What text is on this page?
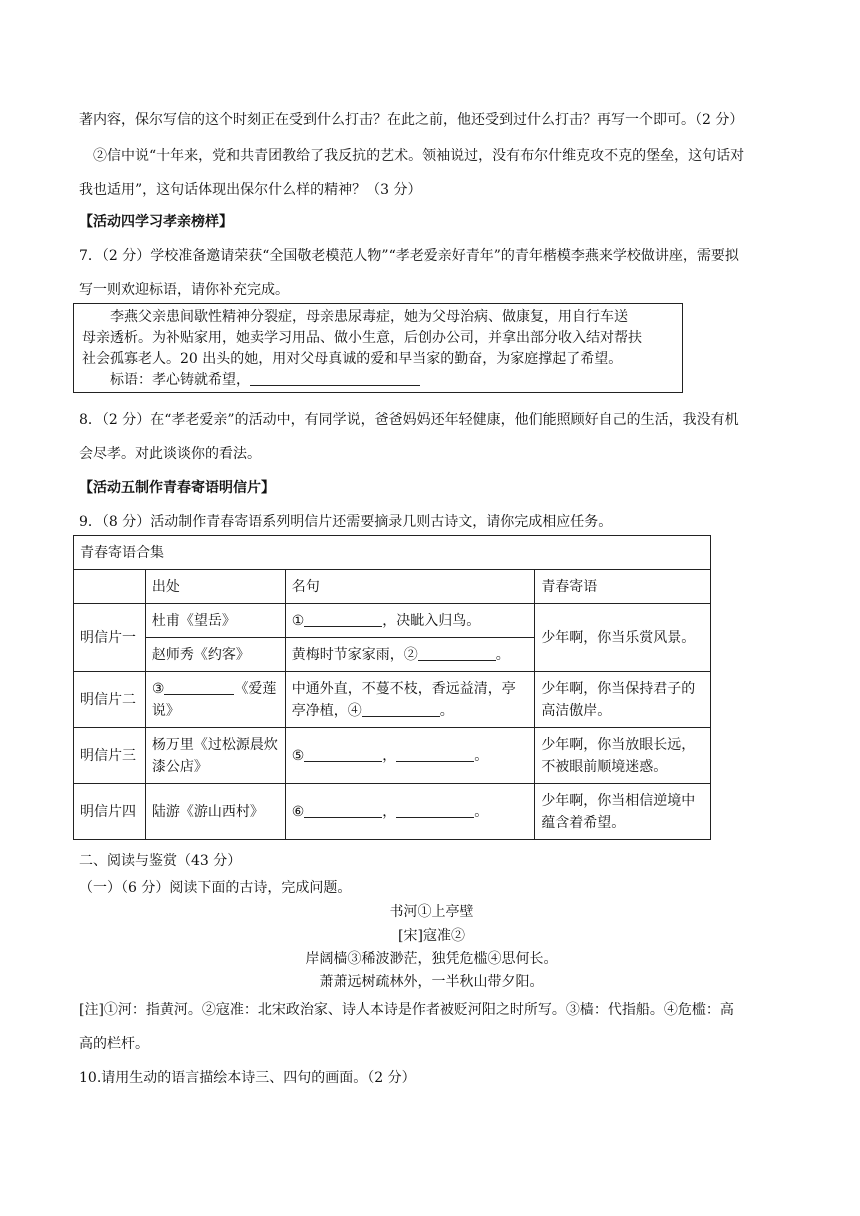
著内容，保尔写信的这个时刻正在受到什么打击？在此之前，他还受到过什么打击？再写一个即可。（2 分）
②信中说“十年来，党和共青团教给了我反抗的艺术。领袖说过，没有布尔什维克攻不克的堡垒，这句话对
我也适用”，这句话体现出保尔什么样的精神？（3 分）
【活动四学习孝亲榜样】
7．（2 分）学校准备邀请荣获“全国敬老模范人物”“孝老爱亲好青年”的青年楷模李燕来学校做讲座，需要拟
写一则欢迎标语，请你补充完成。
李燕父亲患间歇性精神分裂症，母亲患尿毒症，她为父母治病、做康复，用自行车送
母亲透析。为补贴家用，她卖学习用品、做小生意，后创办公司，并拿出部分收入结对帮扶
社会孤寡老人。20 出头的她，用对父母真诚的爱和早当家的勤奋，为家庭撑起了希望。
标语：孝心铸就希望，
8．（2 分）在“孝老爱亲”的活动中，有同学说，爸爸妈妈还年轻健康，他们能照顾好自己的生活，我没有机
会尽孝。对此谈谈你的看法。
【活动五制作青春寄语明信片】
9．（8 分）活动制作青春寄语系列明信片还需要摘录几则古诗文，请你完成相应任务。
青春寄语合集			
	出处	名句	青春寄语
明信片一	杜甫《望岳》	① ，决眦入归鸟。	少年啊，你当乐赏风景。
	赵师秀《约客》	黄梅时节家家雨，② 。	
明信片二	③ 《爱莲说》	中通外直，不蔓不枝，香远益清，亭亭净植，④ 。	少年啊，你当保持君子的高洁傲岸。
明信片三	杨万里《过松源晨炊漆公店》	⑤ ， 。	少年啊，你当放眼长远，不被眼前顺境迷惑。
明信片四	陆游《游山西村》	⑥ ， 。	少年啊，你当相信逆境中蕴含着希望。
二、阅读与鉴赏（43 分）
（一）（6 分）阅读下面的古诗，完成问题。
书河①上亭壁
[宋]寇准②
岸阔樯③稀波渺茫，独凭危槛④思何长。
萧萧远树疏林外，一半秋山带夕阳。
[注]①河：指黄河。②寇准：北宋政治家、诗人本诗是作者被贬河阳之时所写。③樯：代指船。④危槛：高
高的栏杆。
10.请用生动的语言描绘本诗三、四句的画面。（2 分）
